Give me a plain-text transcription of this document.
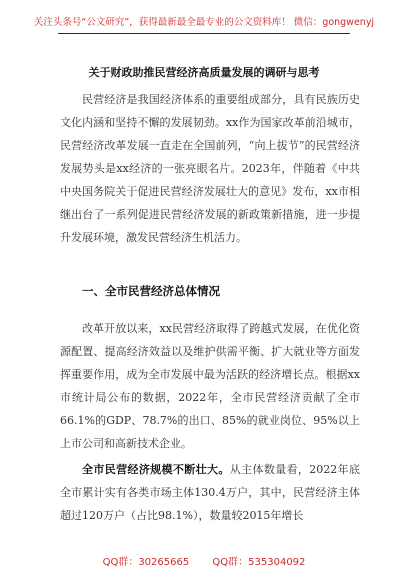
关注头条号“公文研究”，获得最新最全最专业的公文资料库！ 微信：gongwenyj
关于财政助推民营经济高质量发展的调研与思考

民营经济是我国经济体系的重要组成部分，具有民族历史文化内涵和坚持不懈的发展韧劲。xx作为国家改革前沿城市，民营经济改革发展一直走在全国前列，“向上拔节”的民营经济发展势头是xx经济的一张亮眼名片。2023年，伴随着《中共中央国务院关于促进民营经济发展壮大的意见》发布，xx市相继出台了一系列促进民营经济发展的新政策新措施，进一步提升发展环境，激发民营经济生机活力。

一、全市民营经济总体情况

改革开放以来，xx民营经济取得了跨越式发展，在优化资源配置、提高经济效益以及维护供需平衡、扩大就业等方面发挥重要作用，成为全市发展中最为活跃的经济增长点。根据xx市统计局公布的数据，2022年，全市民营经济贡献了全市66.1%的GDP、78.7%的出口、85%的就业岗位、95%以上上市公司和高新技术企业。

全市民营经济规模不断壮大。从主体数量看，2022年底全市累计实有各类市场主体130.4万户，其中，民营经济主体超过120万户（占比98.1%），数量较2015年增长

QQ群：30265665 QQ群：535304092
